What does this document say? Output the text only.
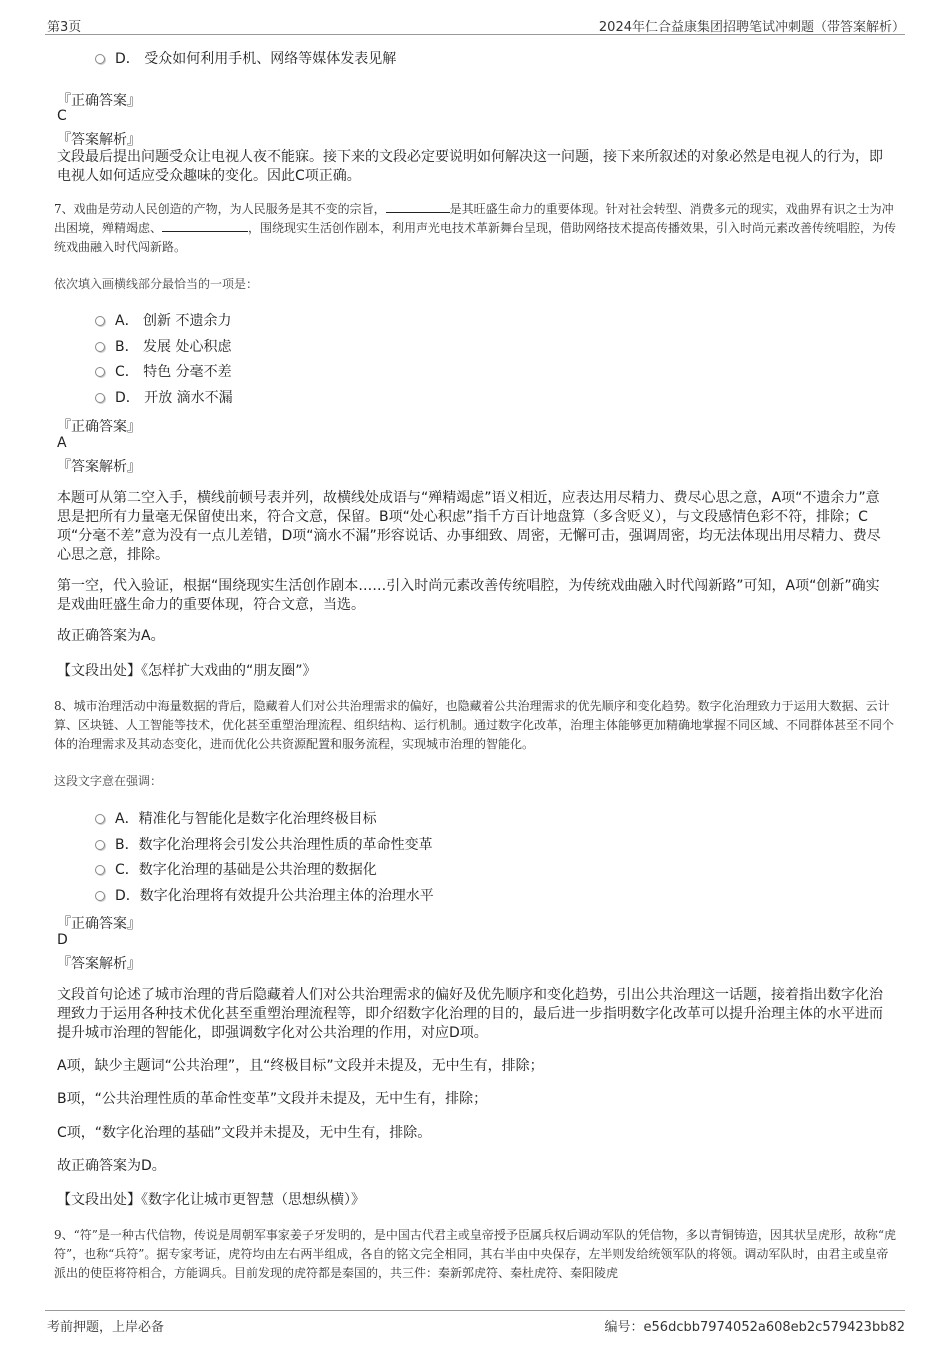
第3页	2024年仁合益康集团招聘笔试冲刺题（带答案解析）
D． 受众如何利用手机、网络等媒体发表见解
『正确答案』
C
『答案解析』
文段最后提出问题受众让电视人夜不能寐。接下来的文段必定要说明如何解决这一问题，接下来所叙述的对象必然是电视人的行为，即电视人如何适应受众趣味的变化。因此C项正确。
7、戏曲是劳动人民创造的产物，为人民服务是其不变的宗旨，	是其旺盛生命力的重要体现。针对社会转型、消费多元的现实，戏曲界有识之士为冲出困境，殚精竭虑、	，围绕现实生活创作剧本，利用声光电技术革新舞台呈现，借助网络技术提高传播效果，引入时尚元素改善传统唱腔，为传统戏曲融入时代闯新路。
依次填入画横线部分最恰当的一项是：
A． 创新 不遗余力
B． 发展 处心积虑
C． 特色 分毫不差
D． 开放 滴水不漏
『正确答案』
A
『答案解析』
本题可从第二空入手，横线前顿号表并列，故横线处成语与“殚精竭虑”语义相近，应表达用尽精力、费尽心思之意，A项“不遗余力”意思是把所有力量毫无保留使出来，符合文意，保留。B项“处心积虑”指千方百计地盘算（多含贬义），与文段感情色彩不符，排除；C项“分毫不差”意为没有一点儿差错，D项“滴水不漏”形容说话、办事细致、周密，无懈可击，强调周密，均无法体现出用尽精力、费尽心思之意，排除。
第一空，代入验证，根据“围绕现实生活创作剧本……引入时尚元素改善传统唱腔，为传统戏曲融入时代闯新路”可知，A项“创新”确实是戏曲旺盛生命力的重要体现，符合文意，当选。
故正确答案为A。
【文段出处】《怎样扩大戏曲的“朋友圈”》
8、城市治理活动中海量数据的背后，隐藏着人们对公共治理需求的偏好，也隐藏着公共治理需求的优先顺序和变化趋势。数字化治理致力于运用大数据、云计算、区块链、人工智能等技术，优化甚至重塑治理流程、组织结构、运行机制。通过数字化改革，治理主体能够更加精确地掌握不同区域、不同群体甚至不同个体的治理需求及其动态变化，进而优化公共资源配置和服务流程，实现城市治理的智能化。
这段文字意在强调：
A．精准化与智能化是数字化治理终极目标
B．数字化治理将会引发公共治理性质的革命性变革
C．数字化治理的基础是公共治理的数据化
D．数字化治理将有效提升公共治理主体的治理水平
『正确答案』
D
『答案解析』
文段首句论述了城市治理的背后隐藏着人们对公共治理需求的偏好及优先顺序和变化趋势，引出公共治理这一话题，接着指出数字化治理致力于运用各种技术优化甚至重塑治理流程等，即介绍数字化治理的目的，最后进一步指明数字化改革可以提升治理主体的水平进而提升城市治理的智能化，即强调数字化对公共治理的作用，对应D项。
A项，缺少主题词“公共治理”，且“终极目标”文段并未提及，无中生有，排除；
B项，“公共治理性质的革命性变革”文段并未提及，无中生有，排除；
C项，“数字化治理的基础”文段并未提及，无中生有，排除。
故正确答案为D。
【文段出处】《数字化让城市更智慧（思想纵横）》
9、“符”是一种古代信物，传说是周朝军事家姜子牙发明的，是中国古代君主或皇帝授予臣属兵权后调动军队的凭信物，多以青铜铸造，因其状呈虎形，故称“虎符”，也称“兵符”。据专家考证，虎符均由左右两半组成，各自的铭文完全相同，其右半由中央保存，左半则发给统领军队的将领。调动军队时，由君主或皇帝派出的使臣将符相合，方能调兵。目前发现的虎符都是秦国的，共三件：秦新郭虎符、秦杜虎符、秦阳陵虎
考前押题，上岸必备	编号：e56dcbb7974052a608eb2c579423bb82
